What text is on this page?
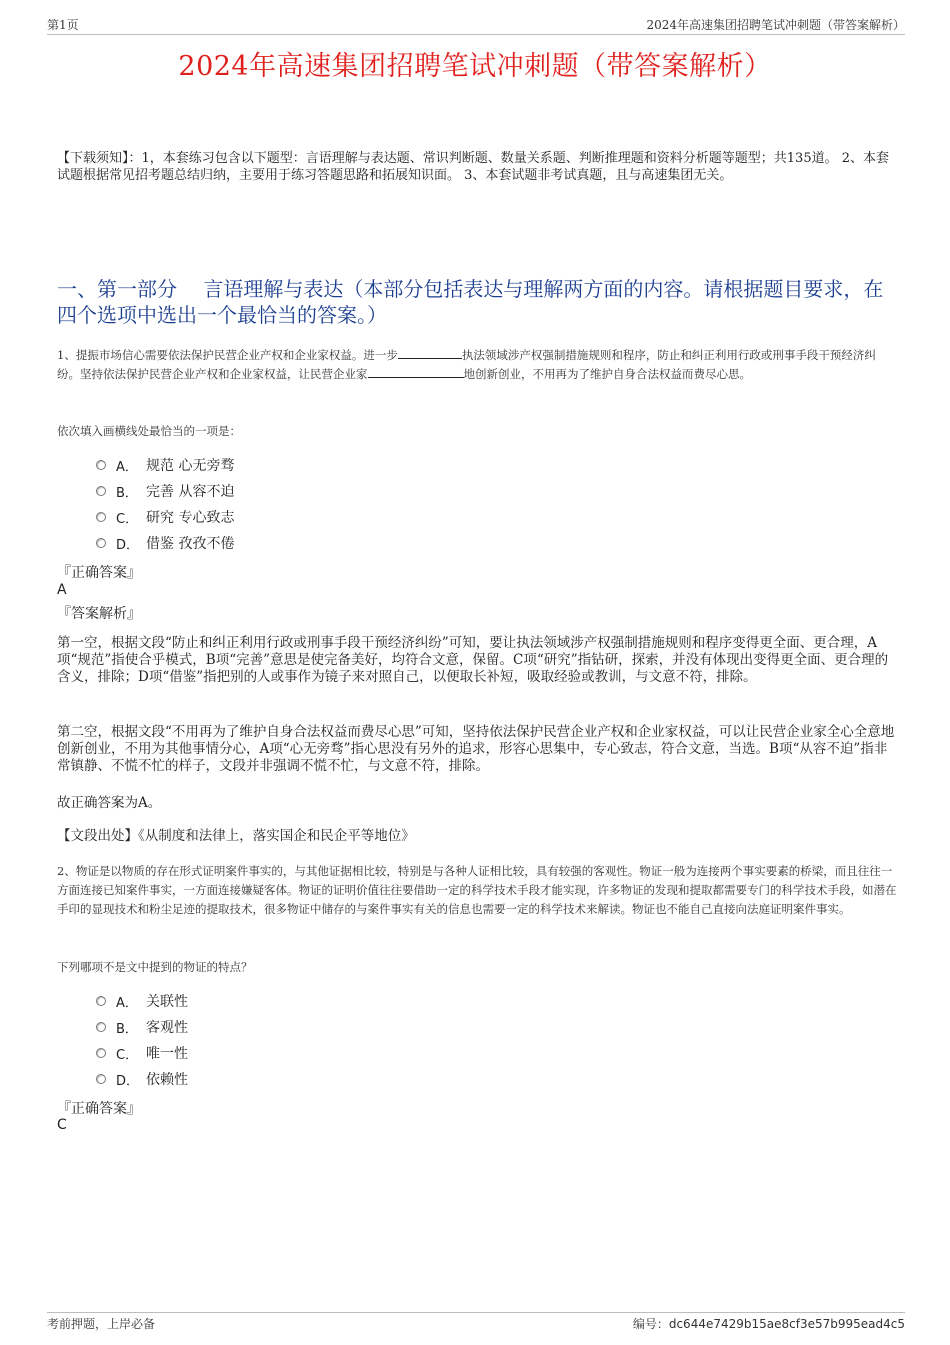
第1页	2024年高速集团招聘笔试冲刺题（带答案解析）
2024年高速集团招聘笔试冲刺题（带答案解析）
【下载须知】：1，本套练习包含以下题型：言语理解与表达题、常识判断题、数量关系题、判断推理题和资料分析题等题型；共135道。 2、本套试题根据常见招考题总结归纳，主要用于练习答题思路和拓展知识面。 3、本套试题非考试真题，且与高速集团无关。
一、第一部分　 言语理解与表达（本部分包括表达与理解两方面的内容。请根据题目要求，在四个选项中选出一个最恰当的答案。）
1、提振市场信心需要依法保护民营企业产权和企业家权益。进一步	执法领域涉产权强制措施规则和程序，防止和纠正利用行政或刑事手段干预经济纠纷。坚持依法保护民营企业产权和企业家权益，让民营企业家	地创新创业，不用再为了维护自身合法权益而费尽心思。
依次填入画横线处最恰当的一项是：
A． 规范 心无旁骛
B． 完善 从容不迫
C． 研究 专心致志
D． 借鉴 孜孜不倦
『正确答案』
A
『答案解析』
第一空，根据文段“防止和纠正利用行政或刑事手段干预经济纠纷”可知，要让执法领域涉产权强制措施规则和程序变得更全面、更合理，A项“规范”指使合乎模式，B项“完善”意思是使完备美好，均符合文意，保留。C项“研究”指钻研，探索，并没有体现出变得更全面、更合理的含义，排除；D项“借鉴”指把别的人或事作为镜子来对照自己，以便取长补短，吸取经验或教训，与文意不符，排除。
第二空，根据文段“不用再为了维护自身合法权益而费尽心思”可知，坚持依法保护民营企业产权和企业家权益，可以让民营企业家全心全意地创新创业，不用为其他事情分心，A项“心无旁骛”指心思没有另外的追求，形容心思集中，专心致志，符合文意，当选。B项“从容不迫”指非常镇静、不慌不忙的样子，文段并非强调不慌不忙，与文意不符，排除。
故正确答案为A。
【文段出处】《从制度和法律上，落实国企和民企平等地位》
2、物证是以物质的存在形式证明案件事实的，与其他证据相比较，特别是与各种人证相比较，具有较强的客观性。物证一般为连接两个事实要素的桥梁，而且往往一方面连接已知案件事实，一方面连接嫌疑客体。物证的证明价值往往要借助一定的科学技术手段才能实现，许多物证的发现和提取都需要专门的科学技术手段，如潜在手印的显现技术和粉尘足迹的提取技术，很多物证中储存的与案件事实有关的信息也需要一定的科学技术来解读。物证也不能自己直接向法庭证明案件事实。
下列哪项不是文中提到的物证的特点？
A． 关联性
B． 客观性
C． 唯一性
D． 依赖性
『正确答案』
C
考前押题，上岸必备	编号：dc644e7429b15ae8cf3e57b995ead4c5
